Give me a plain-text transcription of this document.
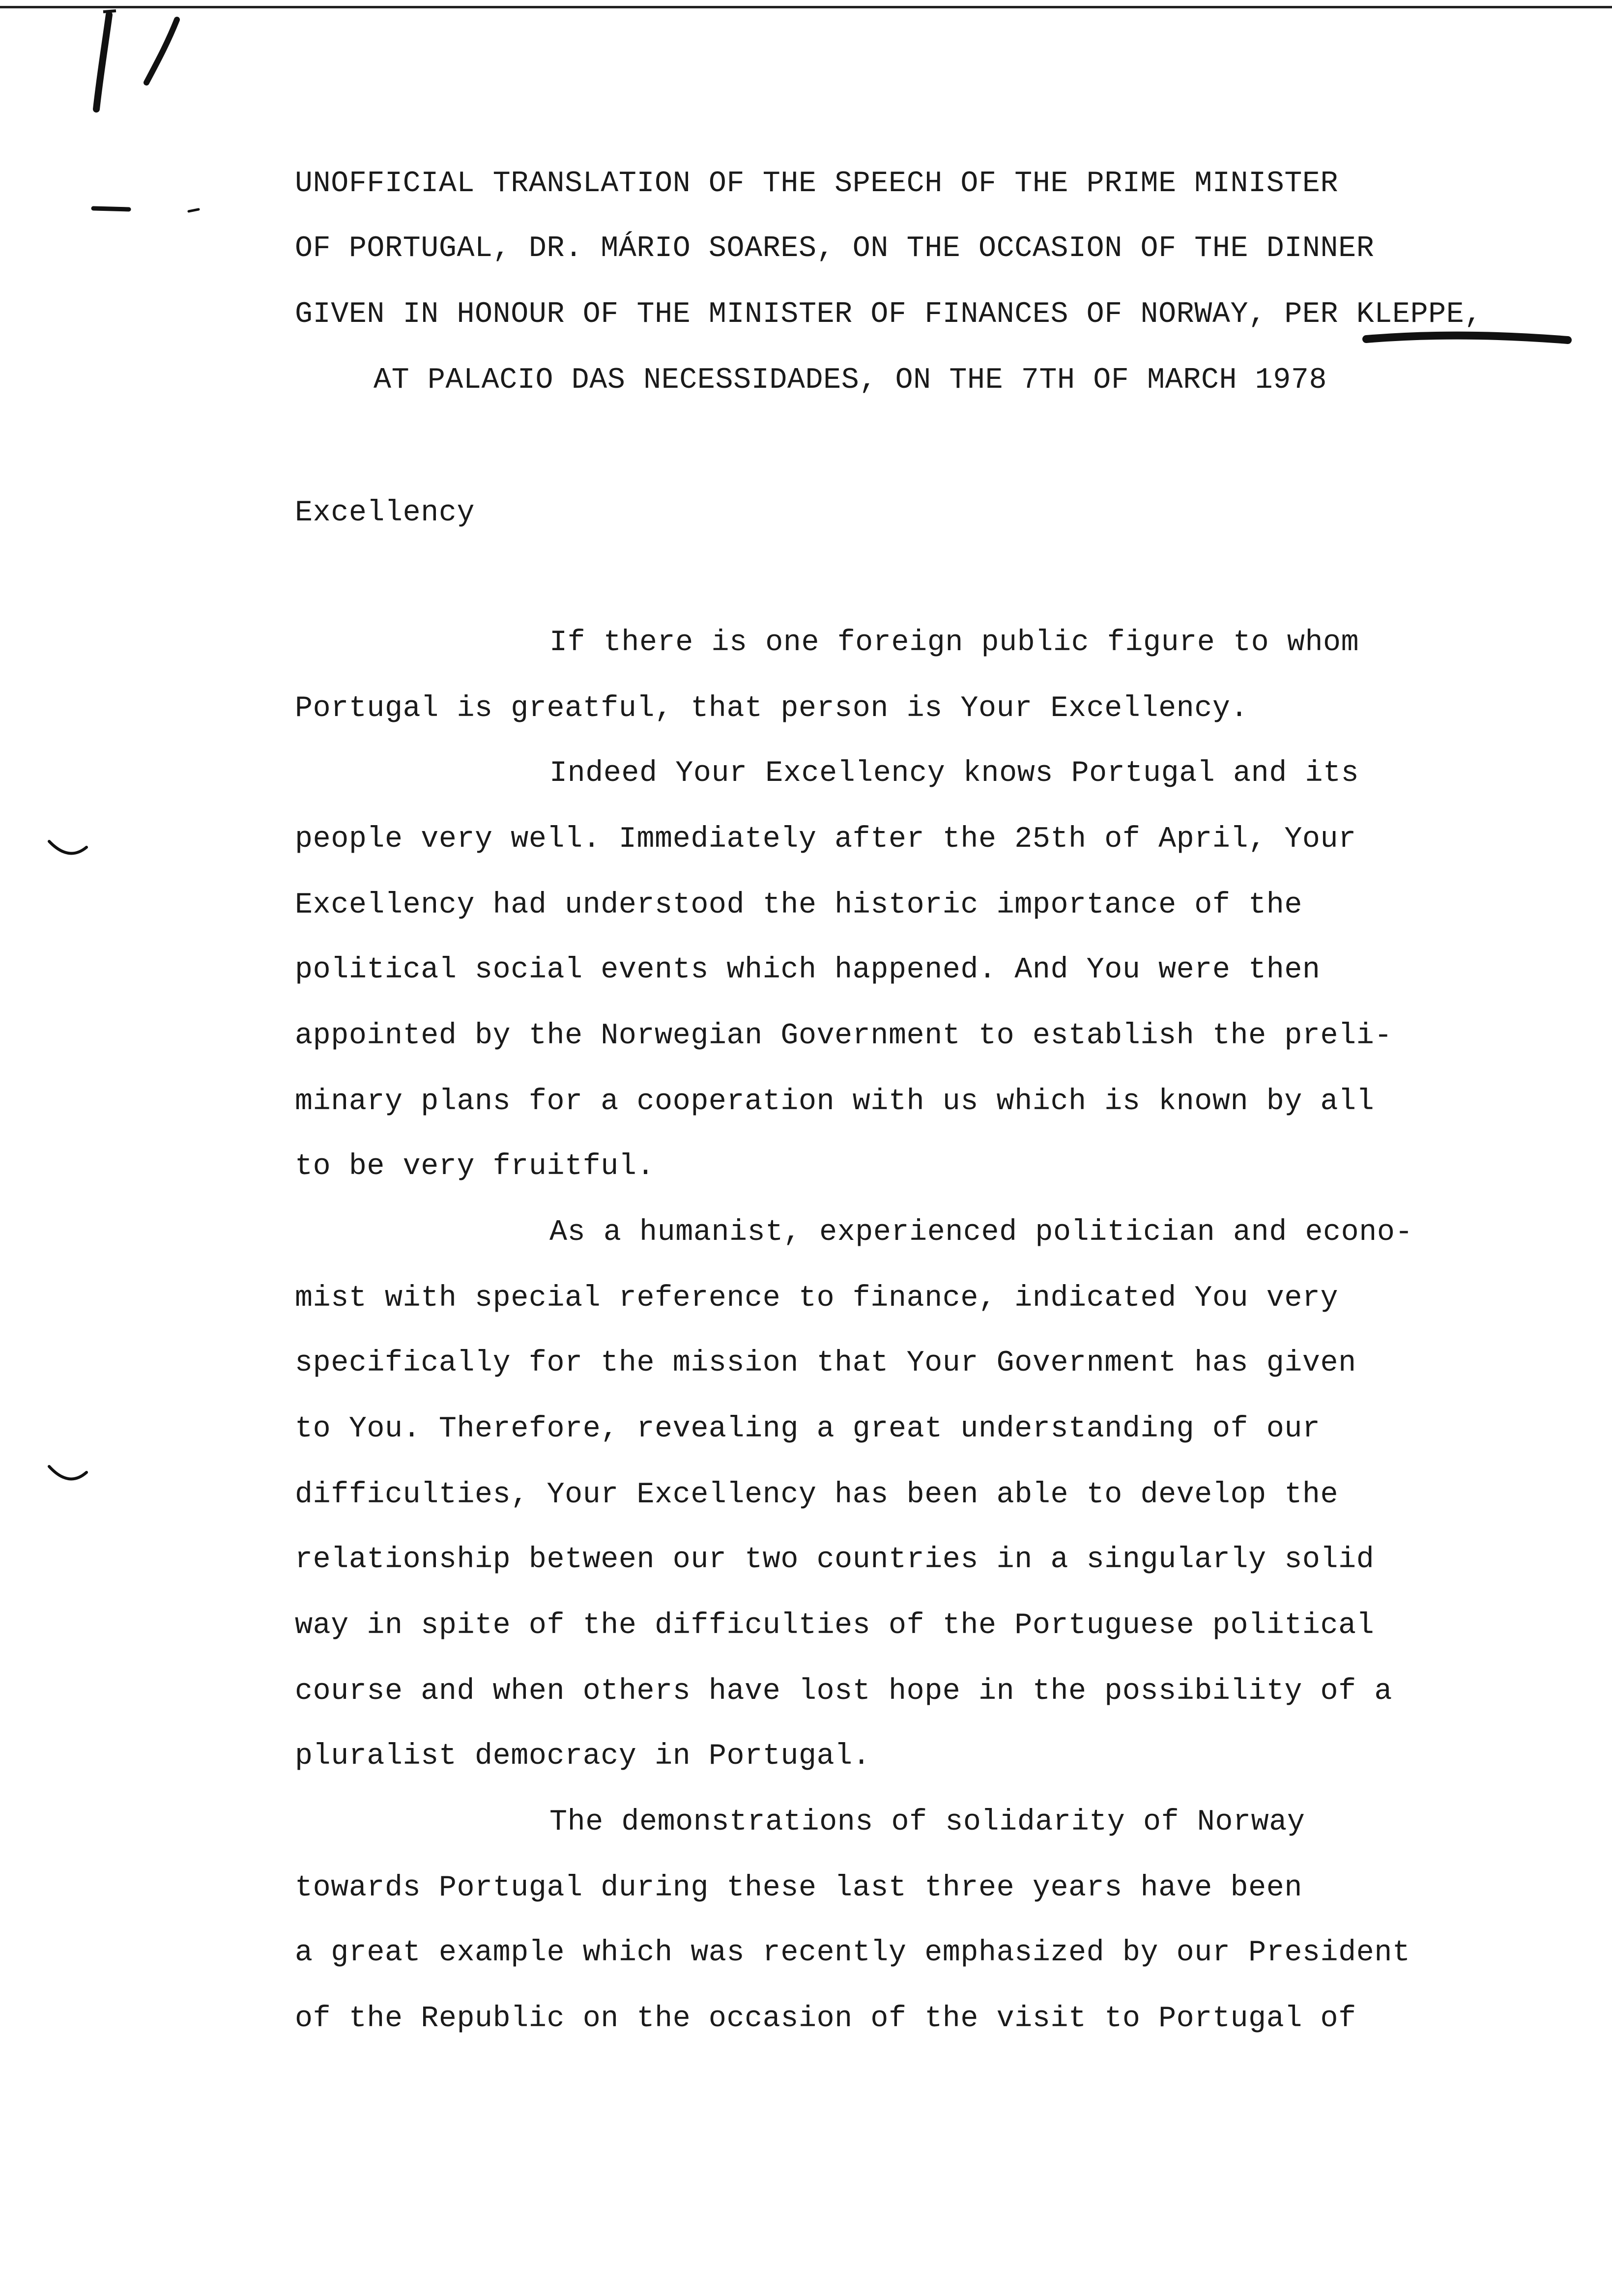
UNOFFICIAL TRANSLATION OF THE SPEECH OF THE PRIME MINISTER
OF PORTUGAL, DR. MÁRIO SOARES, ON THE OCCASION OF THE DINNER
GIVEN IN HONOUR OF THE MINISTER OF FINANCES OF NORWAY, PER KLEPPE,
AT PALACIO DAS NECESSIDADES, ON THE 7TH OF MARCH 1978
Excellency
If there is one foreign public figure to whom
Portugal is greatful, that person is Your Excellency.
Indeed Your Excellency knows Portugal and its
people very well. Immediately after the 25th of April, Your
Excellency had understood the historic importance of the
political social events which happened. And You were then
appointed by the Norwegian Government to establish the preli-
minary plans for a cooperation with us which is known by all
to be very fruitful.
As a humanist, experienced politician and econo-
mist with special reference to finance, indicated You very
specifically for the mission that Your Government has given
to You. Therefore, revealing a great understanding of our
difficulties, Your Excellency has been able to develop the
relationship between our two countries in a singularly solid
way in spite of the difficulties of the Portuguese political
course and when others have lost hope in the possibility of a
pluralist democracy in Portugal.
The demonstrations of solidarity of Norway
towards Portugal during these last three years have been
a great example which was recently emphasized by our President
of the Republic on the occasion of the visit to Portugal of
